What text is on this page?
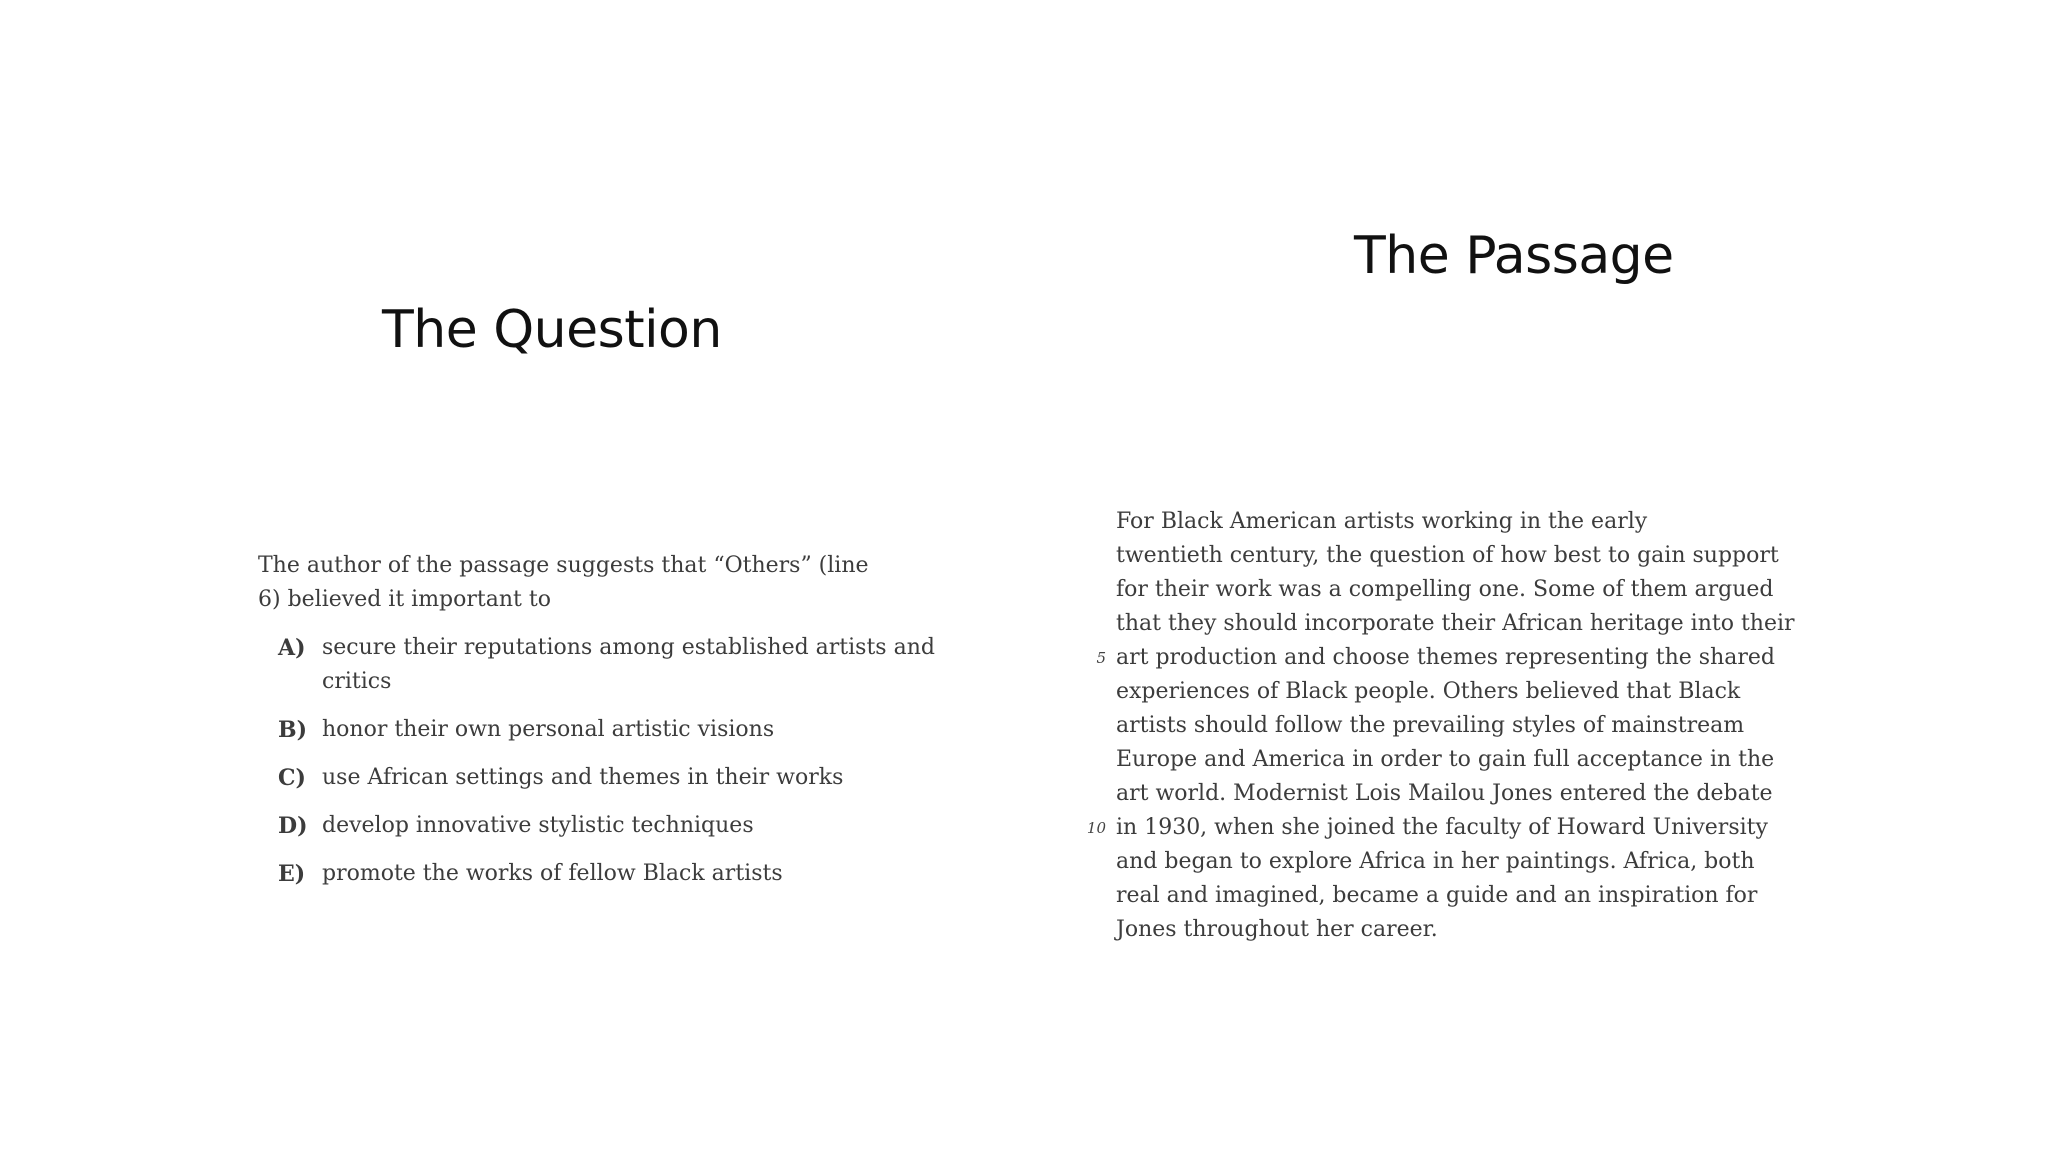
The Question
The Passage
The author of the passage suggests that “Others” (line 6) believed it important to
A) secure their reputations among established artists and critics
B) honor their own personal artistic visions
C) use African settings and themes in their works
D) develop innovative stylistic techniques
E) promote the works of fellow Black artists
For Black American artists working in the early
twentieth century, the question of how best to gain support
for their work was a compelling one. Some of them argued
that they should incorporate their African heritage into their
5 art production and choose themes representing the shared
experiences of Black people. Others believed that Black
artists should follow the prevailing styles of mainstream
Europe and America in order to gain full acceptance in the
art world. Modernist Lois Mailou Jones entered the debate
10 in 1930, when she joined the faculty of Howard University
and began to explore Africa in her paintings. Africa, both
real and imagined, became a guide and an inspiration for
Jones throughout her career.
